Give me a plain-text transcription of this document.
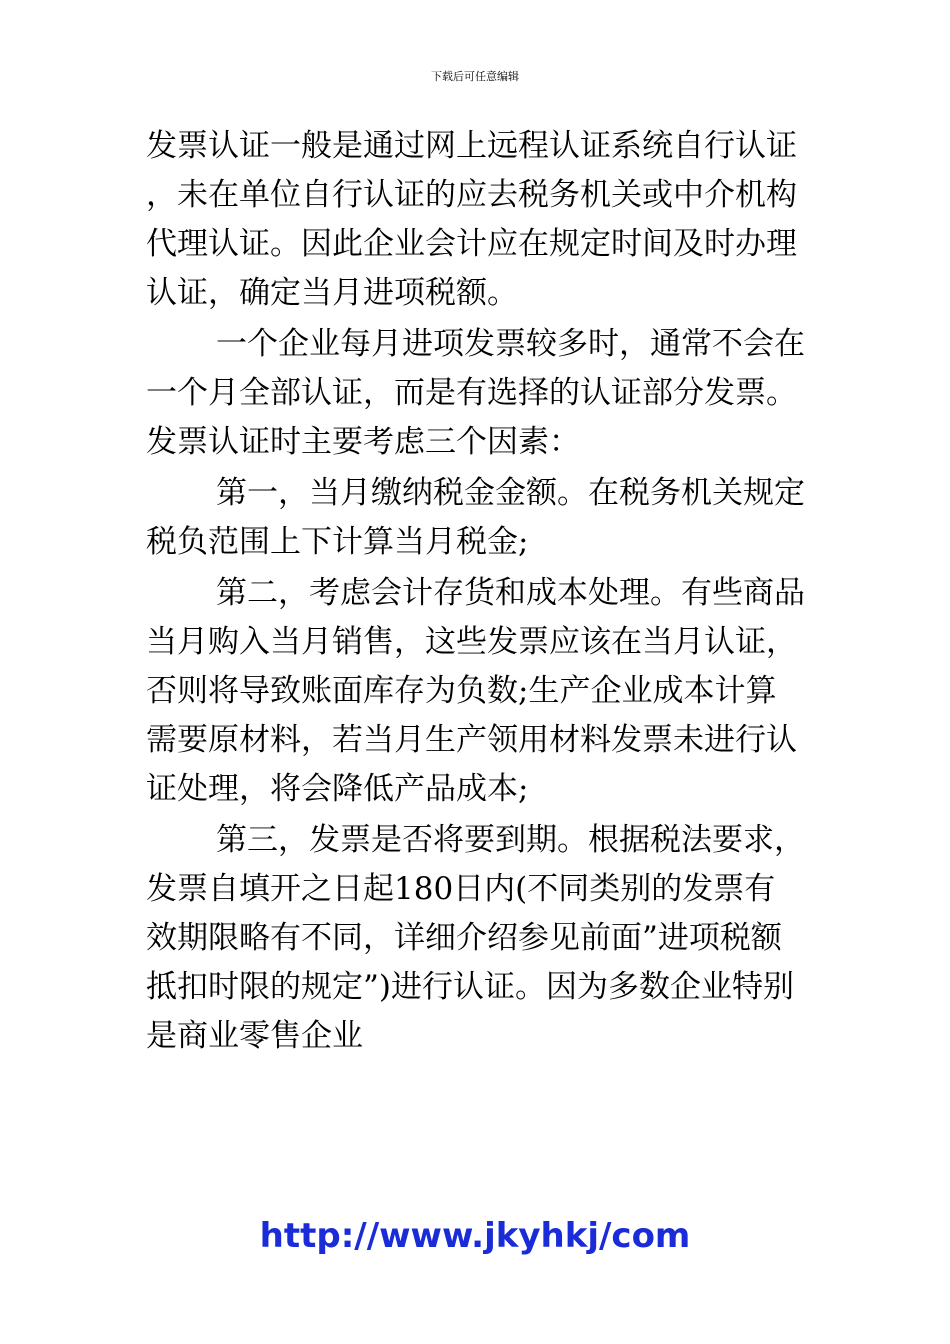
下载后可任意编辑

发票认证一般是通过网上远程认证系统自行认证，未在单位自行认证的应去税务机关或中介机构代理认证。因此企业会计应在规定时间及时办理认证，确定当月进项税额。

一个企业每月进项发票较多时，通常不会在一个月全部认证，而是有选择的认证部分发票。发票认证时主要考虑三个因素：

第一，当月缴纳税金金额。在税务机关规定税负范围上下计算当月税金;

第二，考虑会计存货和成本处理。有些商品当月购入当月销售，这些发票应该在当月认证，否则将导致账面库存为负数;生产企业成本计算需要原材料，若当月生产领用材料发票未进行认证处理，将会降低产品成本;

第三，发票是否将要到期。根据税法要求，发票自填开之日起180日内(不同类别的发票有效期限略有不同，详细介绍参见前面”进项税额抵扣时限的规定”)进行认证。因为多数企业特别是商业零售企业

http://www.jkyhkj/com
